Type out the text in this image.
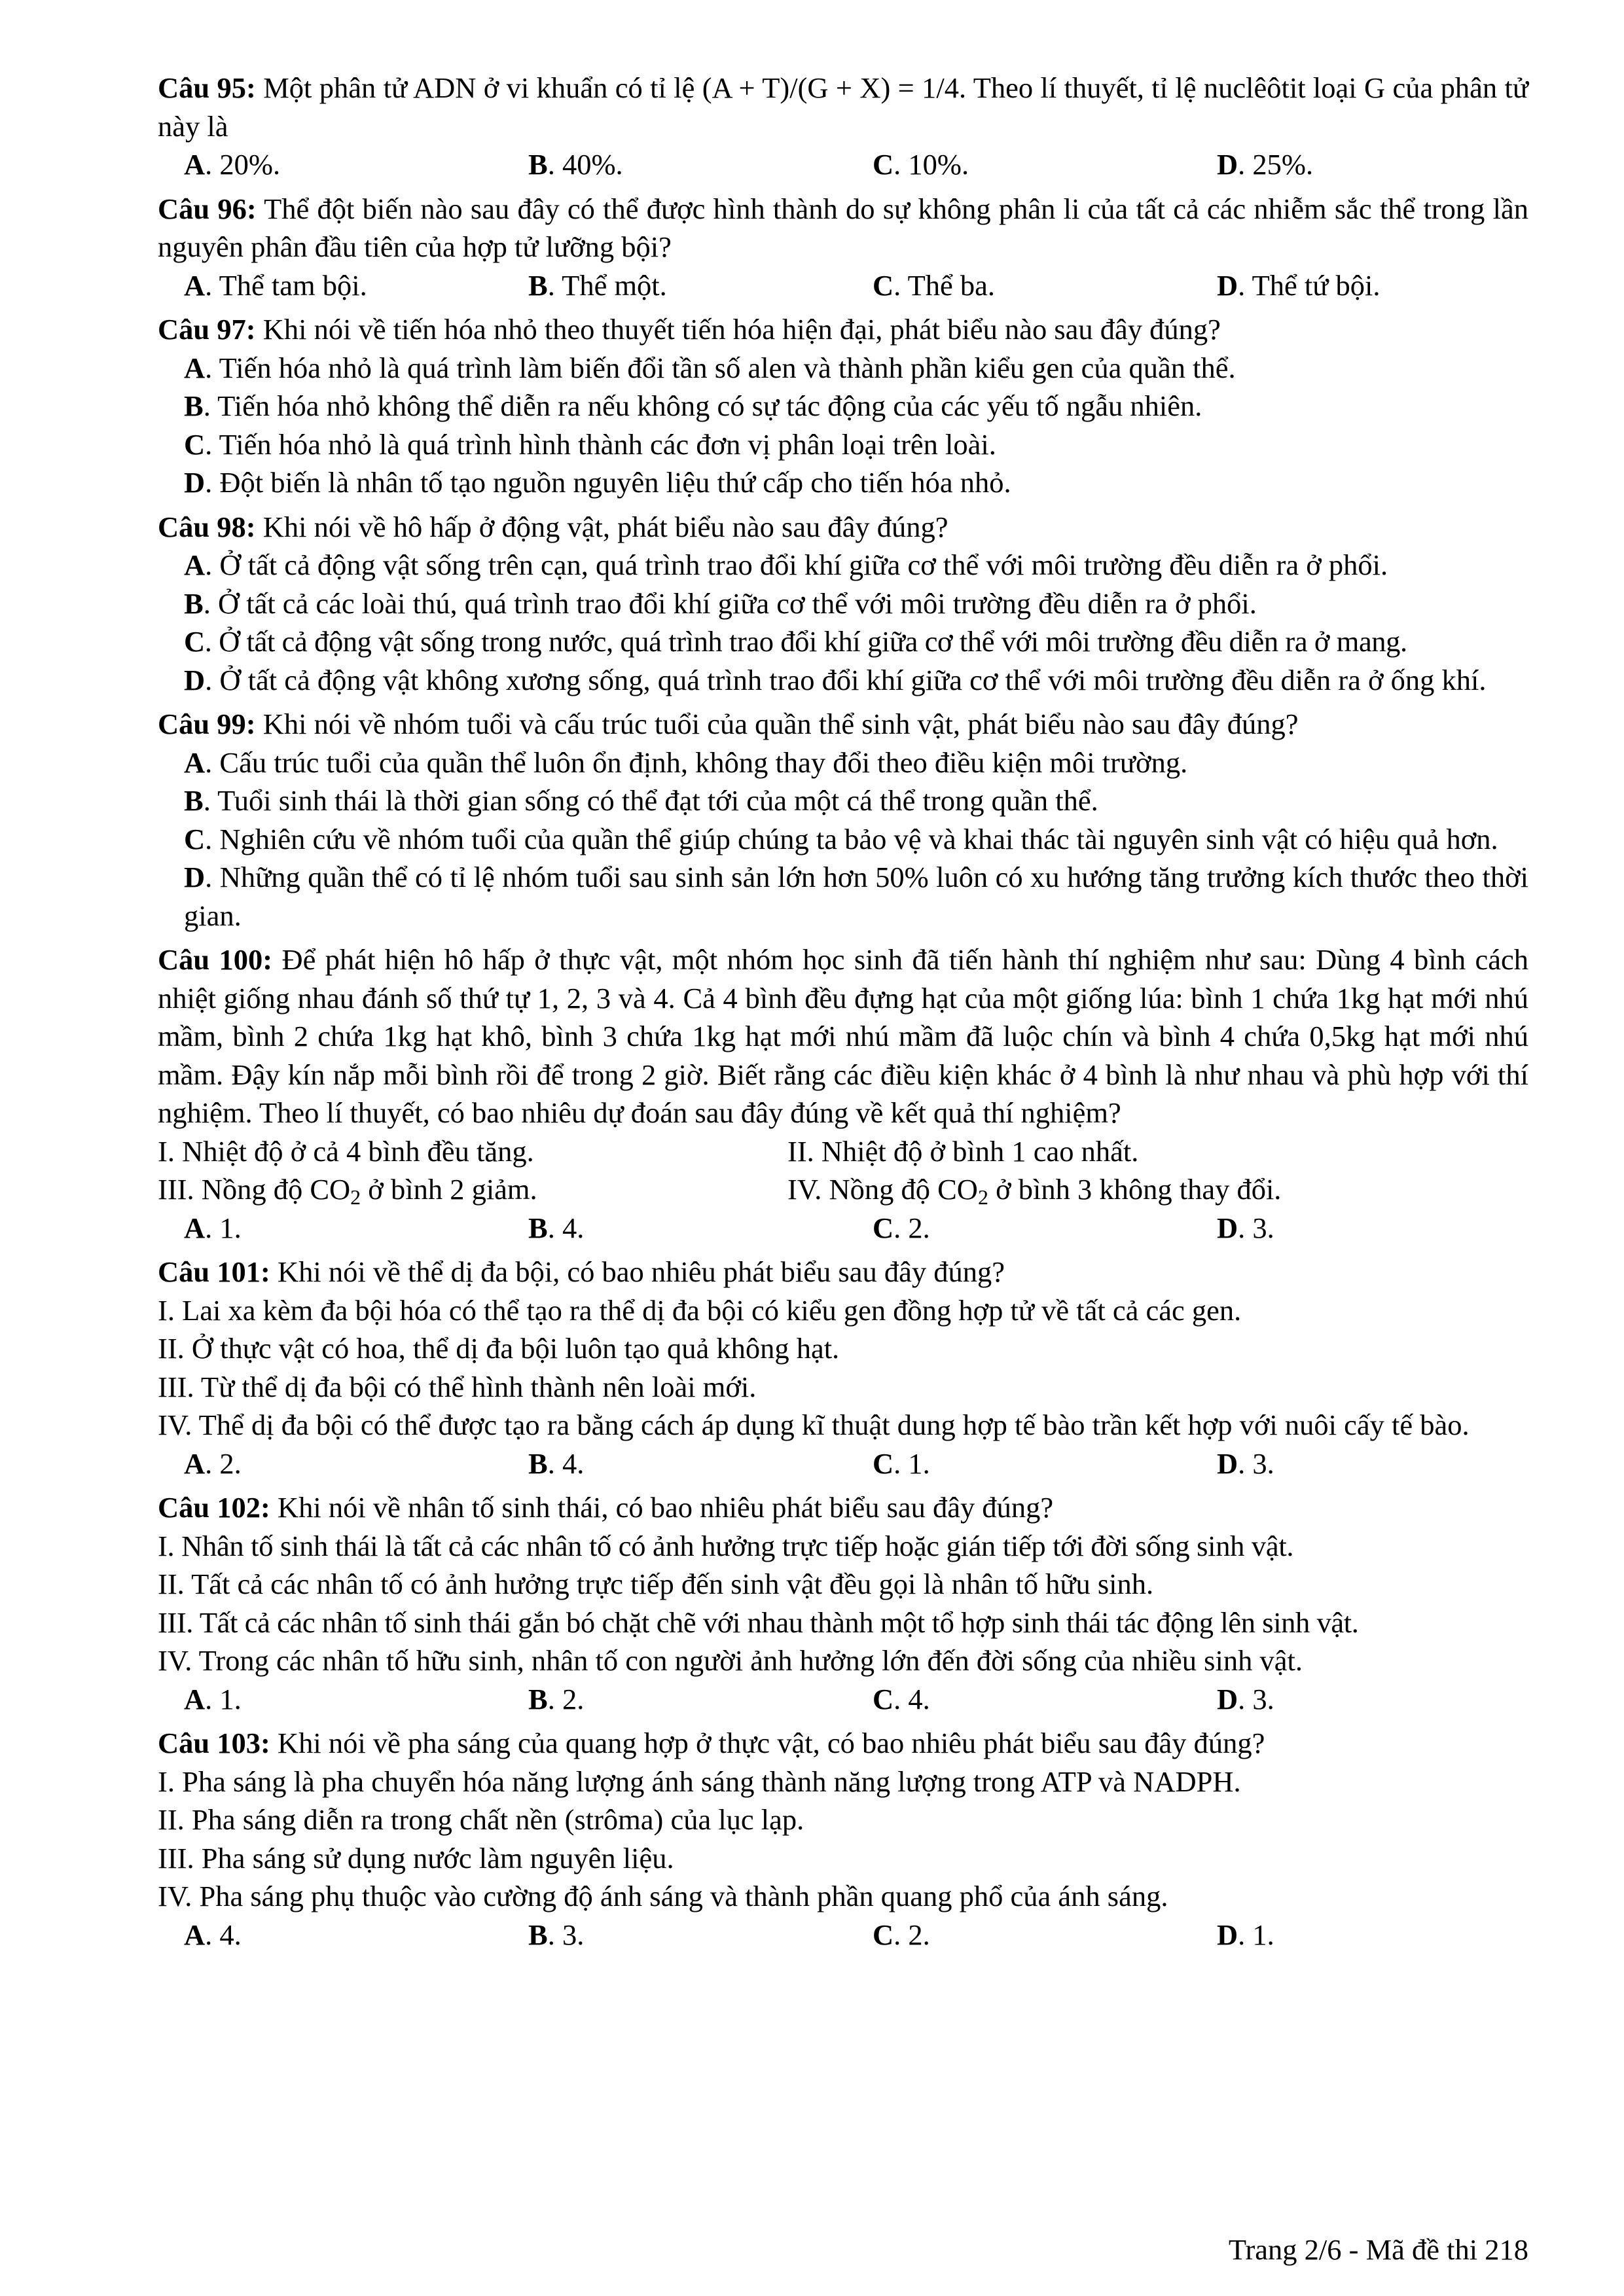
Câu 95: Một phân tử ADN ở vi khuẩn có tỉ lệ (A + T)/(G + X) = 1/4. Theo lí thuyết, tỉ lệ nuclêôtit loại G của phân tử này là
A. 20%.	B. 40%.	C. 10%.	D. 25%.
Câu 96: Thể đột biến nào sau đây có thể được hình thành do sự không phân li của tất cả các nhiễm sắc thể trong lần nguyên phân đầu tiên của hợp tử lưỡng bội?
A. Thể tam bội.	B. Thể một.	C. Thể ba.	D. Thể tứ bội.
Câu 97: Khi nói về tiến hóa nhỏ theo thuyết tiến hóa hiện đại, phát biểu nào sau đây đúng?
A. Tiến hóa nhỏ là quá trình làm biến đổi tần số alen và thành phần kiểu gen của quần thể.
B. Tiến hóa nhỏ không thể diễn ra nếu không có sự tác động của các yếu tố ngẫu nhiên.
C. Tiến hóa nhỏ là quá trình hình thành các đơn vị phân loại trên loài.
D. Đột biến là nhân tố tạo nguồn nguyên liệu thứ cấp cho tiến hóa nhỏ.
Câu 98: Khi nói về hô hấp ở động vật, phát biểu nào sau đây đúng?
A. Ở tất cả động vật sống trên cạn, quá trình trao đổi khí giữa cơ thể với môi trường đều diễn ra ở phổi.
B. Ở tất cả các loài thú, quá trình trao đổi khí giữa cơ thể với môi trường đều diễn ra ở phổi.
C. Ở tất cả động vật sống trong nước, quá trình trao đổi khí giữa cơ thể với môi trường đều diễn ra ở mang.
D. Ở tất cả động vật không xương sống, quá trình trao đổi khí giữa cơ thể với môi trường đều diễn ra ở ống khí.
Câu 99: Khi nói về nhóm tuổi và cấu trúc tuổi của quần thể sinh vật, phát biểu nào sau đây đúng?
A. Cấu trúc tuổi của quần thể luôn ổn định, không thay đổi theo điều kiện môi trường.
B. Tuổi sinh thái là thời gian sống có thể đạt tới của một cá thể trong quần thể.
C. Nghiên cứu về nhóm tuổi của quần thể giúp chúng ta bảo vệ và khai thác tài nguyên sinh vật có hiệu quả hơn.
D. Những quần thể có tỉ lệ nhóm tuổi sau sinh sản lớn hơn 50% luôn có xu hướng tăng trưởng kích thước theo thời gian.
Câu 100: Để phát hiện hô hấp ở thực vật, một nhóm học sinh đã tiến hành thí nghiệm như sau: Dùng 4 bình cách nhiệt giống nhau đánh số thứ tự 1, 2, 3 và 4. Cả 4 bình đều đựng hạt của một giống lúa: bình 1 chứa 1kg hạt mới nhú mầm, bình 2 chứa 1kg hạt khô, bình 3 chứa 1kg hạt mới nhú mầm đã luộc chín và bình 4 chứa 0,5kg hạt mới nhú mầm. Đậy kín nắp mỗi bình rồi để trong 2 giờ. Biết rằng các điều kiện khác ở 4 bình là như nhau và phù hợp với thí nghiệm. Theo lí thuyết, có bao nhiêu dự đoán sau đây đúng về kết quả thí nghiệm?
I. Nhiệt độ ở cả 4 bình đều tăng.	II. Nhiệt độ ở bình 1 cao nhất.
III. Nồng độ $CO_2$ ở bình 2 giảm.	IV. Nồng độ $CO_2$ ở bình 3 không thay đổi.
A. 1.	B. 4.	C. 2.	D. 3.
Câu 101: Khi nói về thể dị đa bội, có bao nhiêu phát biểu sau đây đúng?
I. Lai xa kèm đa bội hóa có thể tạo ra thể dị đa bội có kiểu gen đồng hợp tử về tất cả các gen.
II. Ở thực vật có hoa, thể dị đa bội luôn tạo quả không hạt.
III. Từ thể dị đa bội có thể hình thành nên loài mới.
IV. Thể dị đa bội có thể được tạo ra bằng cách áp dụng kĩ thuật dung hợp tế bào trần kết hợp với nuôi cấy tế bào.
A. 2.	B. 4.	C. 1.	D. 3.
Câu 102: Khi nói về nhân tố sinh thái, có bao nhiêu phát biểu sau đây đúng?
I. Nhân tố sinh thái là tất cả các nhân tố có ảnh hưởng trực tiếp hoặc gián tiếp tới đời sống sinh vật.
II. Tất cả các nhân tố có ảnh hưởng trực tiếp đến sinh vật đều gọi là nhân tố hữu sinh.
III. Tất cả các nhân tố sinh thái gắn bó chặt chẽ với nhau thành một tổ hợp sinh thái tác động lên sinh vật.
IV. Trong các nhân tố hữu sinh, nhân tố con người ảnh hưởng lớn đến đời sống của nhiều sinh vật.
A. 1.	B. 2.	C. 4.	D. 3.
Câu 103: Khi nói về pha sáng của quang hợp ở thực vật, có bao nhiêu phát biểu sau đây đúng?
I. Pha sáng là pha chuyển hóa năng lượng ánh sáng thành năng lượng trong ATP và NADPH.
II. Pha sáng diễn ra trong chất nền (strôma) của lục lạp.
III. Pha sáng sử dụng nước làm nguyên liệu.
IV. Pha sáng phụ thuộc vào cường độ ánh sáng và thành phần quang phổ của ánh sáng.
A. 4.	B. 3.	C. 2.	D. 1.
Trang 2/6 - Mã đề thi 218
